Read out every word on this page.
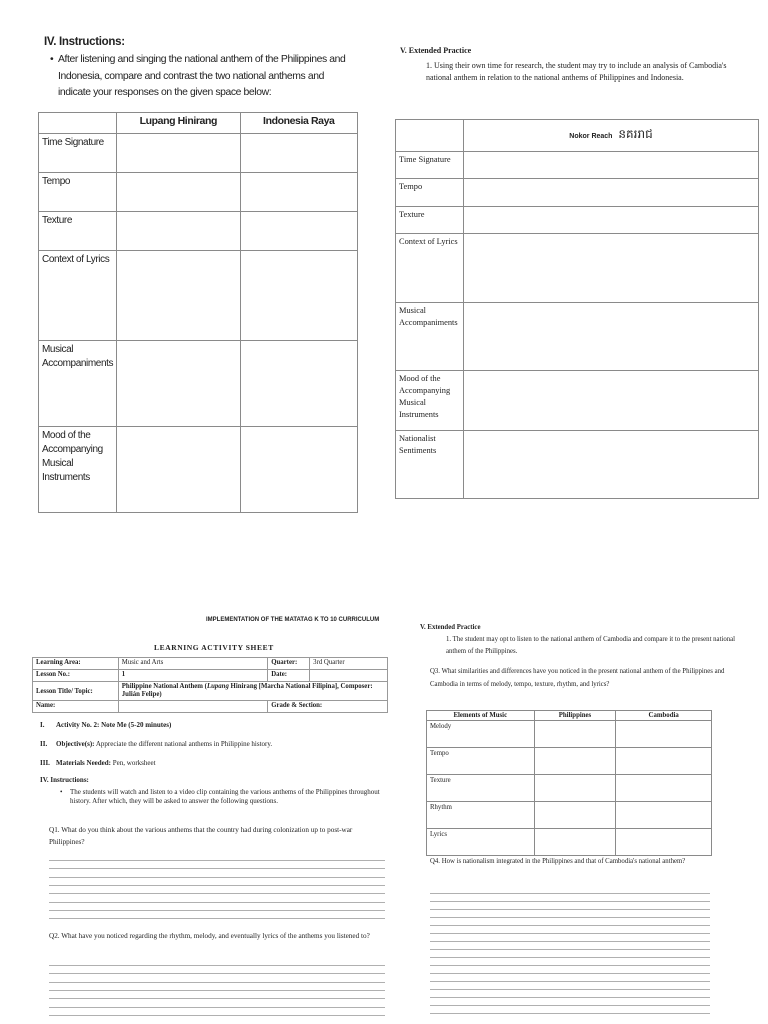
IV. Instructions:
• After listening and singing the national anthem of the Philippines and Indonesia, compare and contrast the two national anthems and indicate your responses on the given space below:
	Lupang Hinirang	Indonesia Raya
Time Signature		
Tempo		
Texture		
Context of Lyrics		
Musical Accompaniments		
Mood of the Accompanying Musical Instruments		
V. Extended Practice
1. Using their own time for research, the student may try to include an analysis of Cambodia's national anthem in relation to the national anthems of Philippines and Indonesia.
	Nokor Reach នគររាជ
Time Signature	
Tempo	
Texture	
Context of Lyrics	
Musical Accompaniments	
Mood of the Accompanying Musical Instruments	
Nationalist Sentiments	
IMPLEMENTATION OF THE MATATAG K TO 10 CURRICULUM
LEARNING ACTIVITY SHEET
Learning Area:	Music and Arts	Quarter:	3rd Quarter
Lesson No.:	1	Date:	
Lesson Title/ Topic:	Philippine National Anthem (Lupang Hinirang [Marcha National Filipina], Composer: Julián Felipe)		
Name:		Grade & Section:	
I. Activity No. 2: Note Me (5-20 minutes)
II. Objective(s): Appreciate the different national anthems in Philippine history.
III. Materials Needed: Pen, worksheet
IV. Instructions:
• The students will watch and listen to a video clip containing the various anthems of the Philippines throughout history. After which, they will be asked to answer the following questions.
Q1. What do you think about the various anthems that the country had during colonization up to post-war Philippines?
Q2. What have you noticed regarding the rhythm, melody, and eventually lyrics of the anthems you listened to?
V. Extended Practice
1. The student may opt to listen to the national anthem of Cambodia and compare it to the present national anthem of the Philippines.
Q3. What similarities and differences have you noticed in the present national anthem of the Philippines and Cambodia in terms of melody, tempo, texture, rhythm, and lyrics?
Elements of Music	Philippines	Cambodia
Melody		
Tempo		
Texture		
Rhythm		
Lyrics		
Q4. How is nationalism integrated in the Philippines and that of Cambodia's national anthem?
